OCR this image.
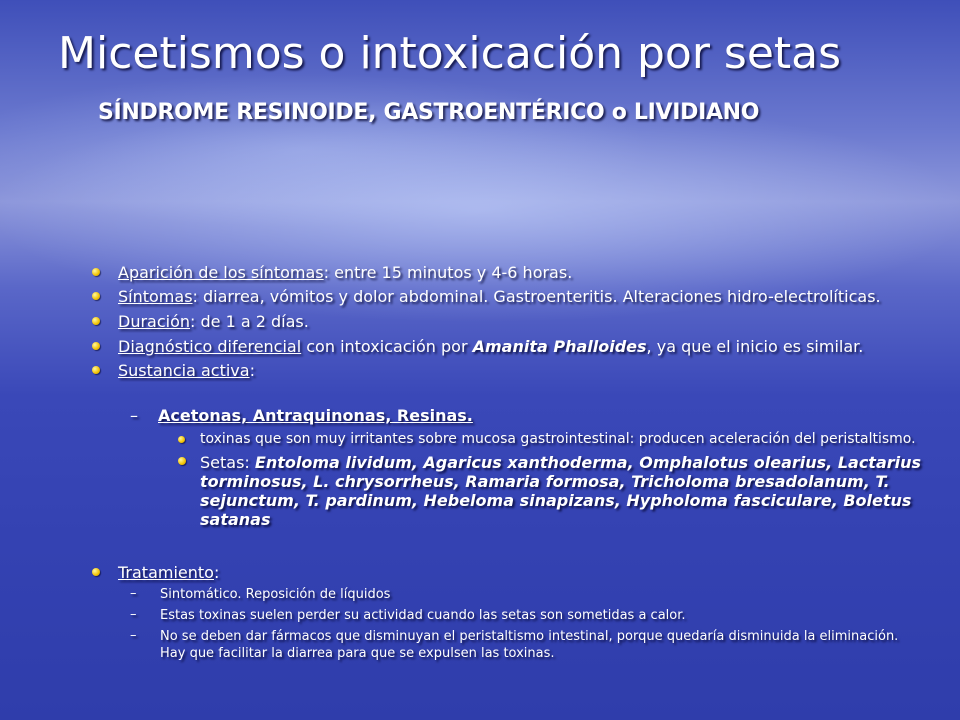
Micetismos o intoxicación por setas
SÍNDROME RESINOIDE, GASTROENTÉRICO o LIVIDIANO
Aparición de los síntomas: entre 15 minutos y 4-6 horas.
Síntomas: diarrea, vómitos y dolor abdominal. Gastroenteritis. Alteraciones hidro-electrolíticas.
Duración: de 1 a 2 días.
Diagnóstico diferencial con intoxicación por Amanita Phalloides, ya que el inicio es similar.
Sustancia activa:
– Acetonas, Antraquinonas, Resinas.
toxinas que son muy irritantes sobre mucosa gastrointestinal: producen aceleración del peristaltismo.
Setas: Entoloma lividum, Agaricus xanthoderma, Omphalotus olearius, Lactarius torminosus, L. chrysorrheus, Ramaria formosa, Tricholoma bresadolanum, T. sejunctum, T. pardinum, Hebeloma sinapizans, Hypholoma fasciculare, Boletus satanas
Tratamiento:
– Sintomático. Reposición de líquidos
– Estas toxinas suelen perder su actividad cuando las setas son sometidas a calor.
– No se deben dar fármacos que disminuyan el peristaltismo intestinal, porque quedaría disminuida la eliminación. Hay que facilitar la diarrea para que se expulsen las toxinas.
